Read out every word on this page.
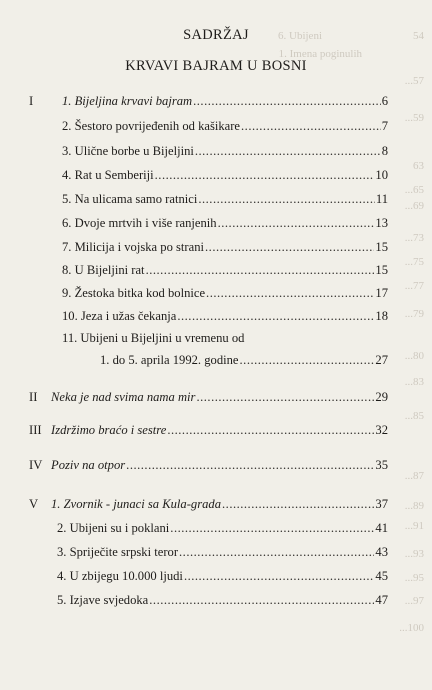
6. Ubijeni	54
1. Imena poginulih
...57
...59
63
...65
...69
...73
...75
...77
...79
...80
...83
...85
...87
...89
...91
...93
...95
...97
...100
SADRŽAJ
KRVAVI BAJRAM U BOSNI
I 1. Bijeljina krvavi bajram .....	6
2. Šestoro povrijeđenih od kašikare .....	7
3. Ulične borbe u Bijeljini .....	8
4. Rat u Semberiji .....	10
5. Na ulicama samo ratnici .....	11
6. Dvoje mrtvih i više ranjenih .....	13
7. Milicija i vojska po strani .....	15
8. U Bijeljini rat .....	15
9. Žestoka bitka kod bolnice .....	17
10. Jeza i užas čekanja .....	18
11. Ubijeni u Bijeljini u vremenu od
1. do 5. aprila 1992. godine .....	27
II Neka je nad svima nama mir .....	29
III Izdržimo braćo i sestre .....	32
IV Poziv na otpor .....	35
V 1. Zvornik - junaci sa Kula-grada .....	37
2. Ubijeni su i poklani .....	41
3. Spriječite srpski teror .....	43
4. U zbijegu 10.000 ljudi .....	45
5. Izjave svjedoka .....	47
